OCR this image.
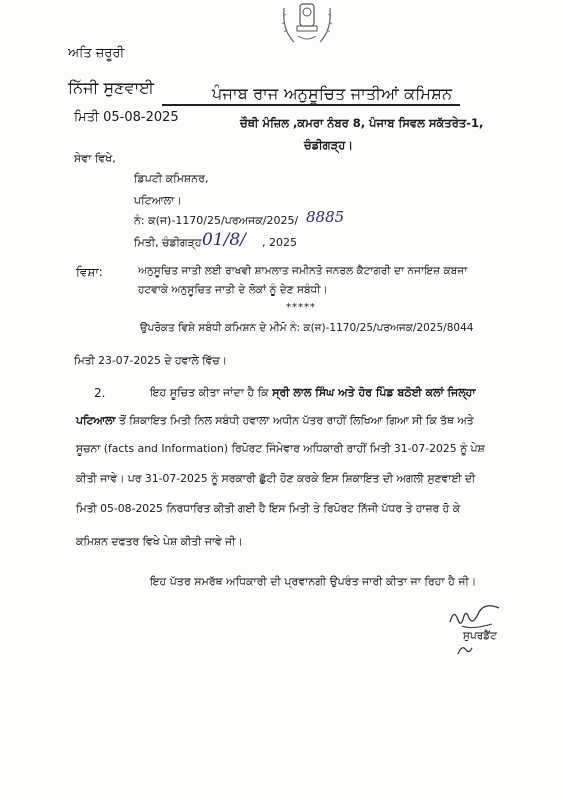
ਅਤਿ ਜ਼ਰੂਰੀ
ਨਿੱਜੀ ਸੁਣਵਾਈ	ਪੰਜਾਬ ਰਾਜ ਅਨੁਸੂਚਿਤ ਜਾਤੀਆਂ ਕਮਿਸ਼ਨ
ਮਿਤੀ 05-08-2025	ਚੌਥੀ ਮੰਜ਼ਿਲ ,ਕਮਰਾ ਨੰਬਰ 8, ਪੰਜਾਬ ਸਿਵਲ ਸਕੱਤਰੇਤ-1,
ਚੰਡੀਗੜ੍ਹ।
ਸੇਵਾ ਵਿਖੇ,
ਡਿਪਟੀ ਕਮਿਸ਼ਨਰ,
ਪਟਿਆਲਾ।
ਨੰ: ਕ(ਜ)-1170/25/ਪਰਅਜਕ/2025/ 8885
ਮਿਤੀ, ਚੰਡੀਗੜ੍ਹ 01/8/ , 2025
ਵਿਸ਼ਾ:	ਅਨੁਸੂਚਿਤ ਜਾਤੀ ਲਈ ਰਾਖਵੀ ਸ਼ਾਮਲਾਤ ਜਮੀਨਤੋ ਜਨਰਲ ਕੈਟਾਗਰੀ ਦਾ ਨਜਾਇਜ਼ ਕਬਜਾ
ਹਟਵਾਕੇ ਅਨੁਸੂਚਿਤ ਜਾਤੀ ਦੇ ਲੋਕਾਂ ਨੂੰ ਦੇਣ ਸਬੰਧੀ।
*****
ਉਪਰੋਕਤ ਵਿਸ਼ੇ ਸਬੰਧੀ ਕਮਿਸ਼ਨ ਦੇ ਮੀਮੋ ਨੰ: ਕ(ਜ)-1170/25/ਪਰਅਜਕ/2025/8044
ਮਿਤੀ 23-07-2025 ਦੇ ਹਵਾਲੇ ਵਿੱਚ।
2.	ਇਹ ਸੂਚਿਤ ਕੀਤਾ ਜਾਂਦਾ ਹੈ ਕਿ ਸ੍ਰੀ ਲਾਲ ਸਿੰਘ ਅਤੇ ਹੋਰ ਪਿੰਡ ਬਠੋਈ ਕਲਾਂ ਜਿਲ੍ਹਾ
ਪਟਿਆਲਾ ਤੋਂ ਸ਼ਿਕਾਇਤ ਮਿਤੀ ਨਿਲ ਸਬੰਧੀ ਹਵਾਲਾ ਅਧੀਨ ਪੱਤਰ ਰਾਹੀਂ ਲਿਖਿਆ ਗਿਆ ਸੀ ਕਿ ਤੱਥ ਅਤੇ
ਸੂਚਨਾ (facts and Information) ਰਿਪੋਰਟ ਜਿੰਮੇਵਾਰ ਅਧਿਕਾਰੀ ਰਾਹੀਂ ਮਿਤੀ 31-07-2025 ਨੂੰ ਪੇਸ਼
ਕੀਤੀ ਜਾਵੇ। ਪਰ 31-07-2025 ਨੂੰ ਸਰਕਾਰੀ ਛੁੱਟੀ ਹੋਣ ਕਰਕੇ ਇਸ ਸ਼ਿਕਾਇਤ ਦੀ ਅਗਲੀ ਸੁਣਵਾਈ ਦੀ
ਮਿਤੀ 05-08-2025 ਨਿਰਧਾਰਿਤ ਕੀਤੀ ਗਈ ਹੈ ਇਸ ਮਿਤੀ ਤੇ ਰਿਪੋਰਟ ਨਿੱਜੀ ਪੱਧਰ ਤੇ ਹਾਜ਼ਰ ਹੋ ਕੇ
ਕਮਿਸ਼ਨ ਦਫਤਰ ਵਿਖੇ ਪੇਸ਼ ਕੀਤੀ ਜਾਵੇ ਜੀ।
ਇਹ ਪੱਤਰ ਸਮਰੱਥ ਅਧਿਕਾਰੀ ਦੀ ਪ੍ਰਵਾਨਗੀ ਉਪਰੰਤ ਜਾਰੀ ਕੀਤਾ ਜਾ ਰਿਹਾ ਹੈ ਜੀ।
ਸੁਪਰਡੈਂਟ
